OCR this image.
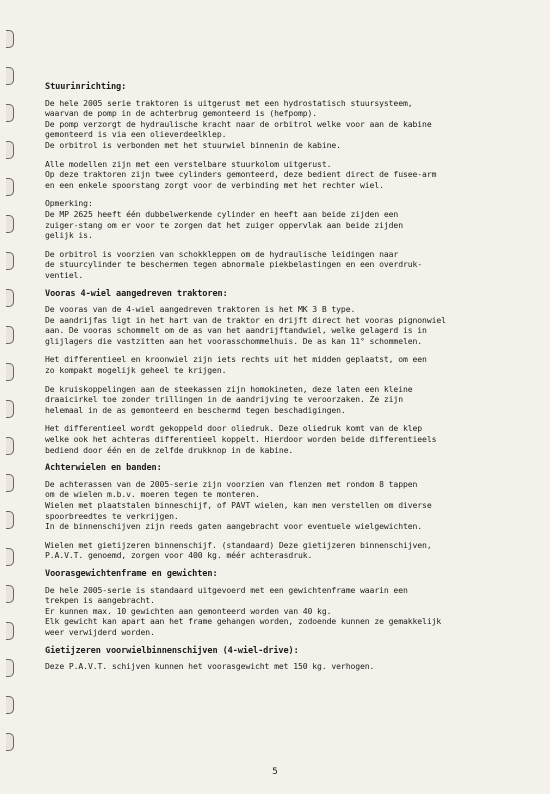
Stuurinrichting:
De hele 2005 serie traktoren is uitgerust met een hydrostatisch stuursysteem,
waarvan de pomp in de achterbrug gemonteerd is (hefpomp).
De pomp verzorgt de hydraulische kracht naar de orbitrol welke voor aan de kabine
gemonteerd is via een olieverdeelklep.
De orbitrol is verbonden met het stuurwiel binnenin de kabine.
Alle modellen zijn met een verstelbare stuurkolom uitgerust.
Op deze traktoren zijn twee cylinders gemonteerd, deze bedient direct de fusee-arm
en een enkele spoorstang zorgt voor de verbinding met het rechter wiel.
Opmerking:
De MP 2625 heeft één dubbelwerkende cylinder en heeft aan beide zijden een
zuiger-stang om er voor te zorgen dat het zuiger oppervlak aan beide zijden
gelijk is.
De orbitrol is voorzien van schokkleppen om de hydraulische leidingen naar
de stuurcylinder te beschermen tegen abnormale piekbelastingen en een overdruk-
ventiel.
Vooras 4-wiel aangedreven traktoren:
De vooras van de 4-wiel aangedreven traktoren is het MK 3 B type.
De aandrijfas ligt in het hart van de traktor en drijft direct het vooras pignonwiel
aan. De vooras schommelt om de as van het aandrijftandwiel, welke gelagerd is in
glijlagers die vastzitten aan het voorasschommelhuis. De as kan 11° schommelen.
Het differentieel en kroonwiel zijn iets rechts uit het midden geplaatst, om een
zo kompakt mogelijk geheel te krijgen.
De kruiskoppelingen aan de steekassen zijn homokineten, deze laten een kleine
draaicirkel toe zonder trillingen in de aandrijving te veroorzaken. Ze zijn
helemaal in de as gemonteerd en beschermd tegen beschadigingen.
Het differentieel wordt gekoppeld door oliedruk. Deze oliedruk komt van de klep
welke ook het achteras differentieel koppelt. Hierdoor worden beide differentieels
bediend door één en de zelfde drukknop in de kabine.
Achterwielen en banden:
De achterassen van de 2005-serie zijn voorzien van flenzen met rondom 8 tappen
om de wielen m.b.v. moeren tegen te monteren.
Wielen met plaatstalen binneschijf, of PAVT wielen, kan men verstellen om diverse
spoorbreedtes te verkrijgen.
In de binnenschijven zijn reeds gaten aangebracht voor eventuele wielgewichten.
Wielen met gietijzeren binnenschijf. (standaard) Deze gietijzeren binnenschijven,
P.A.V.T. genoemd, zorgen voor 400 kg. méér achterasdruk.
Voorasgewichtenframe en gewichten:
De hele 2005-serie is standaard uitgevoerd met een gewichtenframe waarin een
trekpen is aangebracht.
Er kunnen max. 10 gewichten aan gemonteerd worden van 40 kg.
Elk gewicht kan apart aan het frame gehangen worden, zodoende kunnen ze gemakkelijk
weer verwijderd worden.
Gietijzeren voorwielbinnenschijven (4-wiel-drive):
Deze P.A.V.T. schijven kunnen het voorasgewicht met 150 kg. verhogen.
5
